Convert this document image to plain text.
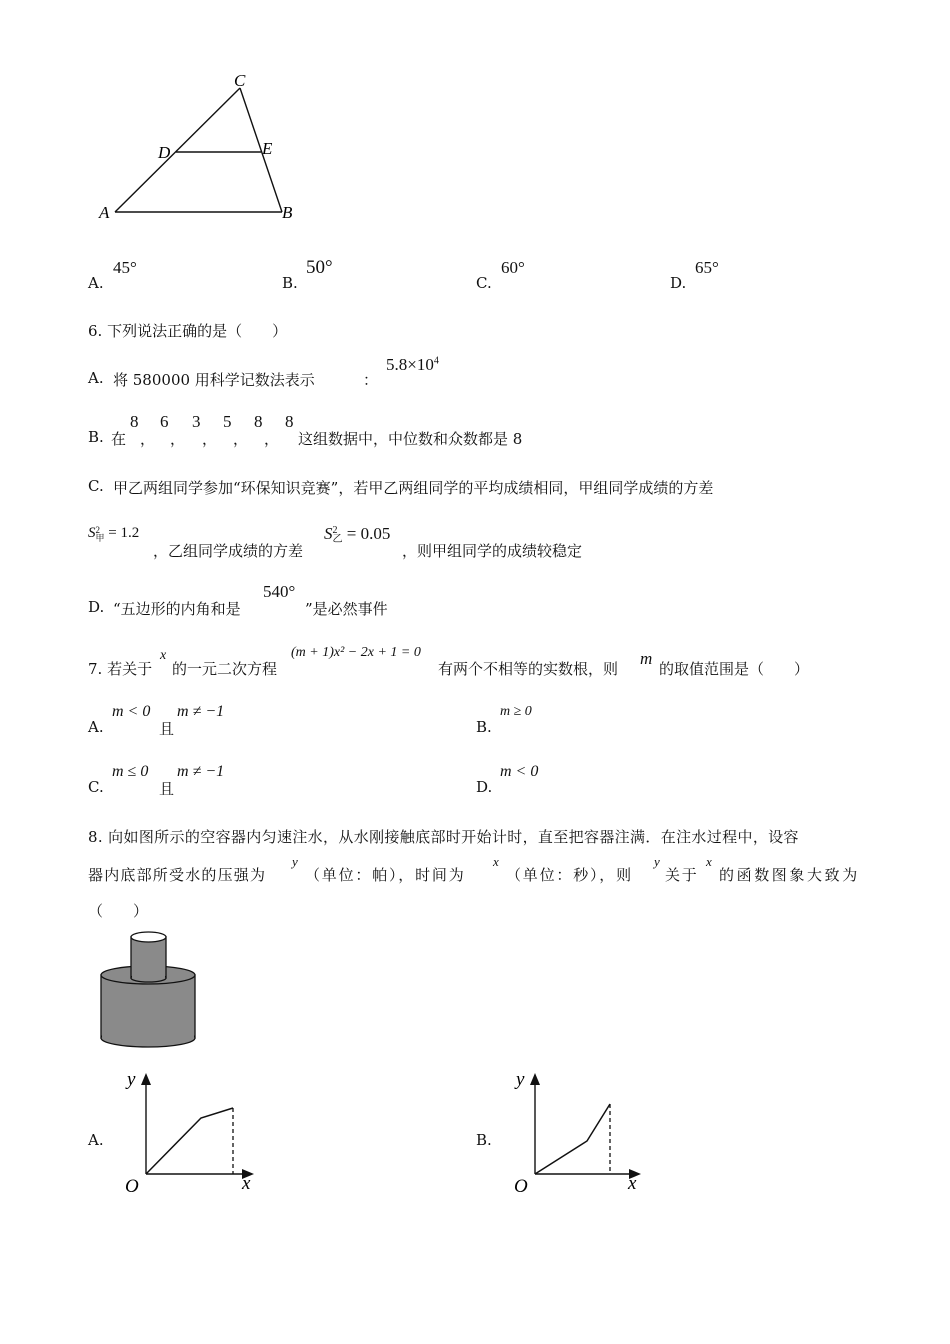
C
D	E
A	B
A.
45°
B.
50°
C.
60°
D.
65°
6. 下列说法正确的是（　　）
A. 将 580000 用科学记数法表示	：
$5.8\times 10^4$
B. 在
8
，
6
，
3
，
5
，
8
，
8
这组数据中，中位数和众数都是 8
C. 甲乙两组同学参加“环保知识竞赛”，若甲乙两组同学的平均成绩相同，甲组同学成绩的方差
S2
甲 = 1.2
，乙组同学成绩的方差
S2
乙 = 0.05
，则甲组同学的成绩较稳定
D. “五边形的内角和是
540°
”是必然事件
7. 若关于
x
的一元二次方程
(m + 1)x² − 2x + 1 = 0
有两个不相等的实数根，则
m
的取值范围是（　　）
A.
m < 0
且
m ≠ −1
B.
m ≥ 0
C.
m ≤ 0
且
m ≠ −1
D.
m < 0
8. 向如图所示的空容器内匀速注水，从水刚接触底部时开始计时，直至把容器注满．在注水过程中，设容
器内底部所受水的压强为
y
（单位：帕），时间为
x
（单位：秒），则
y
关于
x
的函数图象大致为
（　　）
A.
y
x
O
B.
y
x
O
